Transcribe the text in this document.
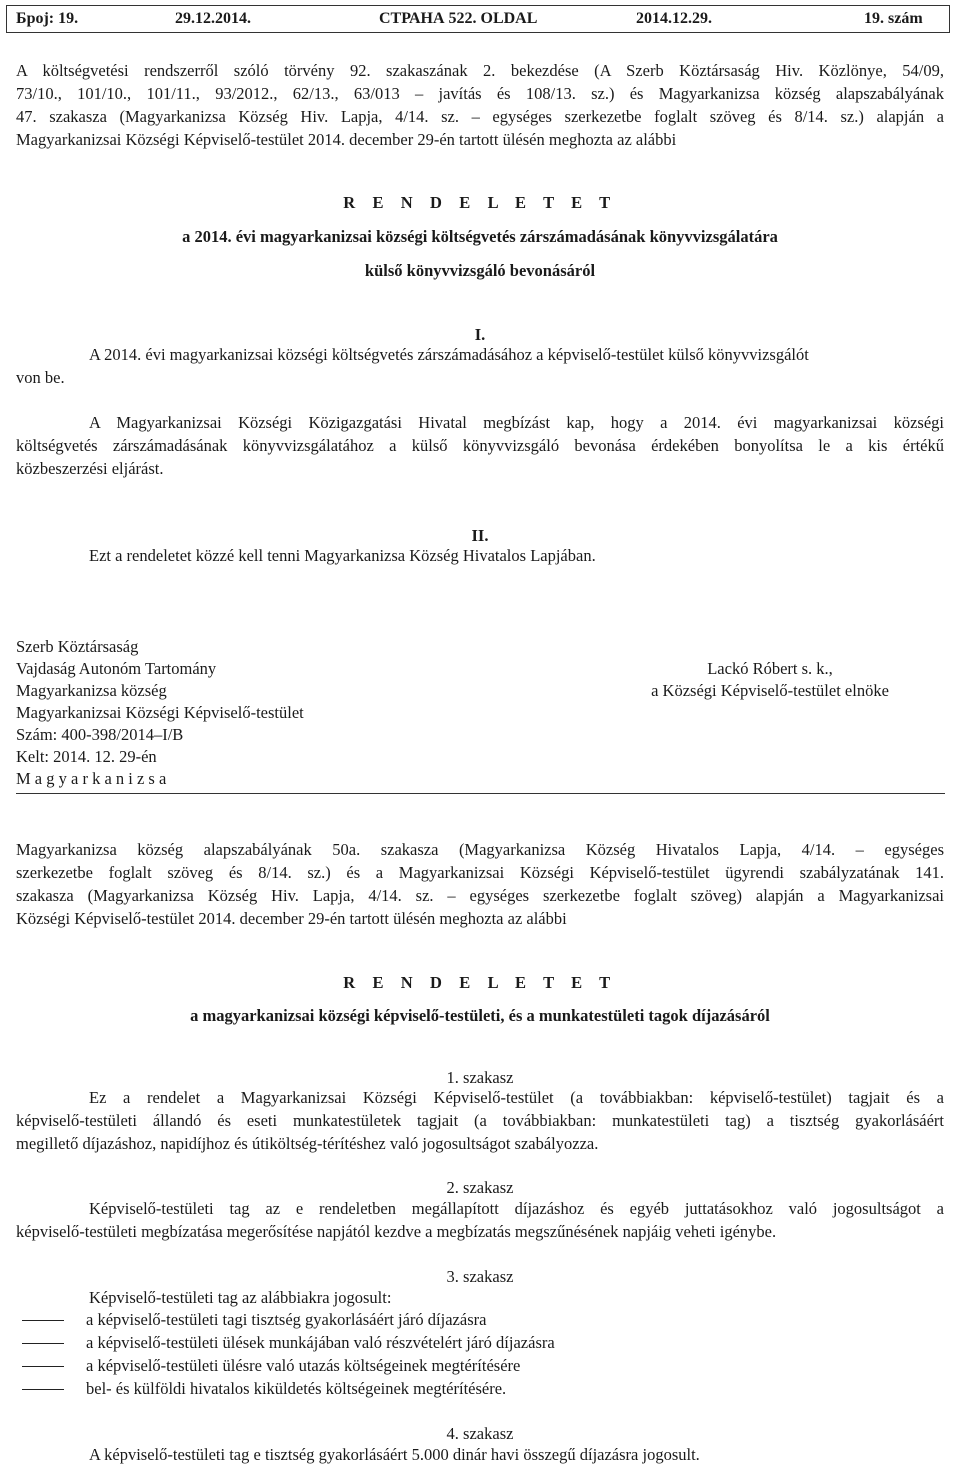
Број: 19.	29.12.2014.	СТРАНА 522. OLDAL	2014.12.29.	19. szám
A költségvetési rendszerről szóló törvény 92. szakaszának 2. bekezdése (A Szerb Köztársaság Hiv. Közlönye, 54/09,
73/10., 101/10., 101/11., 93/2012., 62/13., 63/013 – javítás és 108/13. sz.) és Magyarkanizsa község alapszabályának
47. szakasza (Magyarkanizsa Község Hiv. Lapja, 4/14. sz. – egységes szerkezetbe foglalt szöveg és 8/14. sz.) alapján a
Magyarkanizsai Községi Képviselő-testület 2014. december 29-én tartott ülésén meghozta az alábbi
R E N D E L E T E T
a 2014. évi magyarkanizsai községi költségvetés zárszámadásának könyvvizsgálatára
külső könyvvizsgáló bevonásáról
I.
A 2014. évi magyarkanizsai községi költségvetés zárszámadásához a képviselő-testület külső könyvvizsgálót
von be.
A Magyarkanizsai Községi Közigazgatási Hivatal megbízást kap, hogy a 2014. évi magyarkanizsai községi
költségvetés zárszámadásának könyvvizsgálatához a külső könyvvizsgáló bevonása érdekében bonyolítsa le a kis értékű
közbeszerzési eljárást.
II.
Ezt a rendeletet közzé kell tenni Magyarkanizsa Község Hivatalos Lapjában.
Szerb Köztársaság
Vajdaság Autonóm Tartomány
Magyarkanizsa község
Magyarkanizsai Községi Képviselő-testület
Szám: 400-398/2014–I/B
Kelt: 2014. 12. 29-én
M a g y a r k a n i z s a
Lackó Róbert s. k.,
a Községi Képviselő-testület elnöke
Magyarkanizsa község alapszabályának 50a. szakasza (Magyarkanizsa Község Hivatalos Lapja, 4/14. – egységes
szerkezetbe foglalt szöveg és 8/14. sz.) és a Magyarkanizsai Községi Képviselő-testület ügyrendi szabályzatának 141.
szakasza (Magyarkanizsa Község Hiv. Lapja, 4/14. sz. – egységes szerkezetbe foglalt szöveg) alapján a Magyarkanizsai
Községi Képviselő-testület 2014. december 29-én tartott ülésén meghozta az alábbi
R E N D E L E T E T
a magyarkanizsai községi képviselő-testületi, és a munkatestületi tagok díjazásáról
1. szakasz
Ez a rendelet a Magyarkanizsai Községi Képviselő-testület (a továbbiakban: képviselő-testület) tagjait és a
képviselő-testületi állandó és eseti munkatestületek tagjait (a továbbiakban: munkatestületi tag) a tisztség gyakorlásáért
megillető díjazáshoz, napidíjhoz és útiköltség-térítéshez való jogosultságot szabályozza.
2. szakasz
Képviselő-testületi tag az e rendeletben megállapított díjazáshoz és egyéb juttatásokhoz való jogosultságot a
képviselő-testületi megbízatása megerősítése napjától kezdve a megbízatás megszűnésének napjáig veheti igénybe.
3. szakasz
Képviselő-testületi tag az alábbiakra jogosult:
a képviselő-testületi tagi tisztség gyakorlásáért járó díjazásra
a képviselő-testületi ülések munkájában való részvételért járó díjazásra
a képviselő-testületi ülésre való utazás költségeinek megtérítésére
bel- és külföldi hivatalos kiküldetés költségeinek megtérítésére.
4. szakasz
A képviselő-testületi tag e tisztség gyakorlásáért 5.000 dinár havi összegű díjazásra jogosult.
